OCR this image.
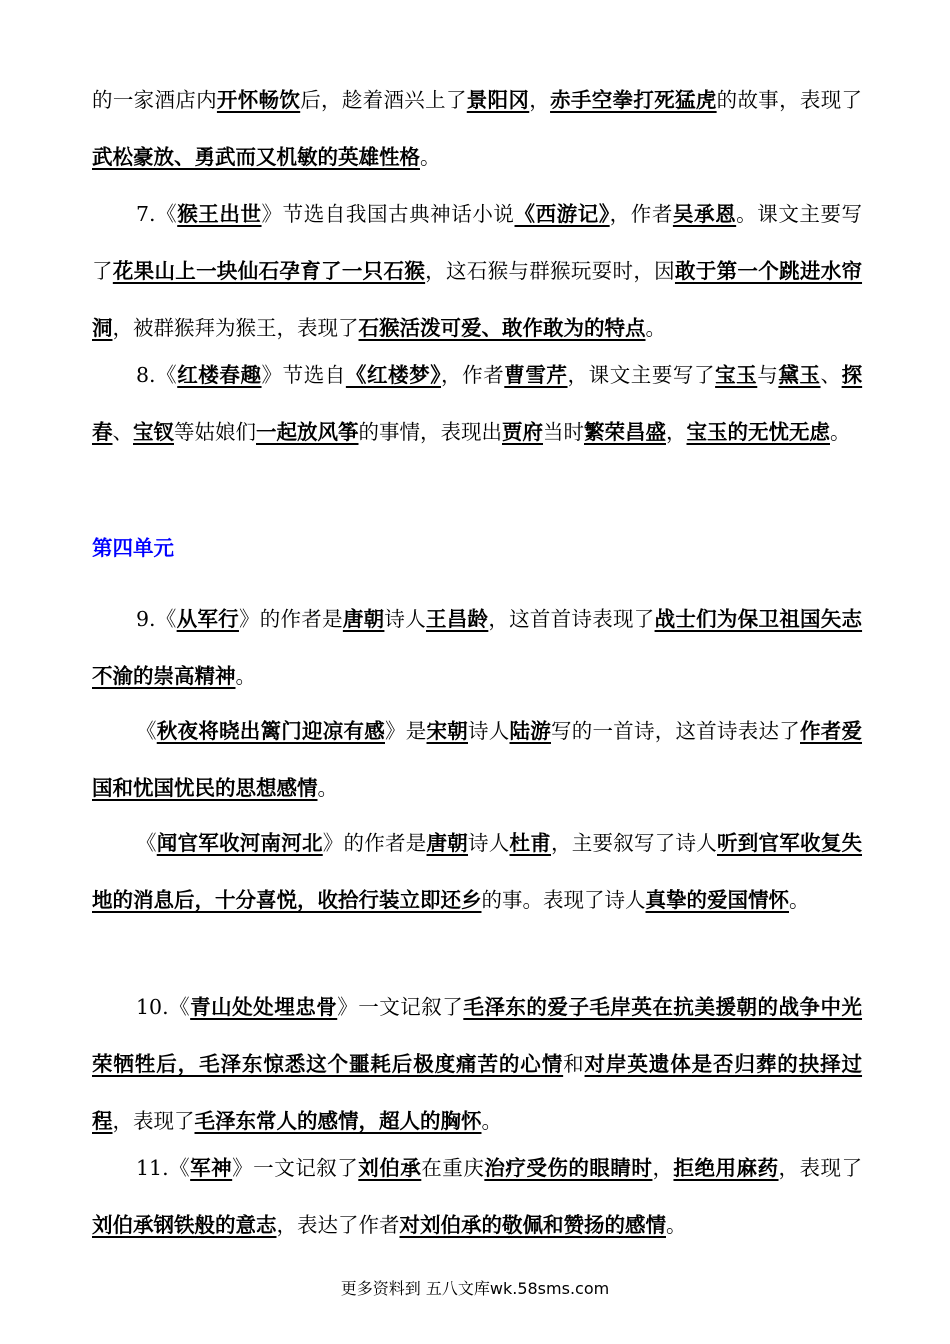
的一家酒店内开怀畅饮后，趁着酒兴上了景阳冈，赤手空拳打死猛虎的故事，表现了武松豪放、勇武而又机敏的英雄性格。

7.《猴王出世》节选自我国古典神话小说《西游记》，作者吴承恩。课文主要写了花果山上一块仙石孕育了一只石猴，这石猴与群猴玩耍时，因敢于第一个跳进水帘洞，被群猴拜为猴王，表现了石猴活泼可爱、敢作敢为的特点。

8.《红楼春趣》节选自《红楼梦》，作者曹雪芹，课文主要写了宝玉与黛玉、探春、宝钗等姑娘们一起放风筝的事情，表现出贾府当时繁荣昌盛，宝玉的无忧无虑。

第四单元

9.《从军行》的作者是唐朝诗人王昌龄，这首首诗表现了战士们为保卫祖国矢志不渝的崇高精神。

《秋夜将晓出篱门迎凉有感》是宋朝诗人陆游写的一首诗，这首诗表达了作者爱国和忧国忧民的思想感情。

《闻官军收河南河北》的作者是唐朝诗人杜甫，主要叙写了诗人听到官军收复失地的消息后，十分喜悦，收拾行装立即还乡的事。表现了诗人真挚的爱国情怀。

10.《青山处处埋忠骨》一文记叙了毛泽东的爱子毛岸英在抗美援朝的战争中光荣牺牲后，毛泽东惊悉这个噩耗后极度痛苦的心情和对岸英遗体是否归葬的抉择过程，表现了毛泽东常人的感情，超人的胸怀。

11.《军神》一文记叙了刘伯承在重庆治疗受伤的眼睛时，拒绝用麻药，表现了刘伯承钢铁般的意志，表达了作者对刘伯承的敬佩和赞扬的感情。

更多资料到 五八文库wk.58sms.com
